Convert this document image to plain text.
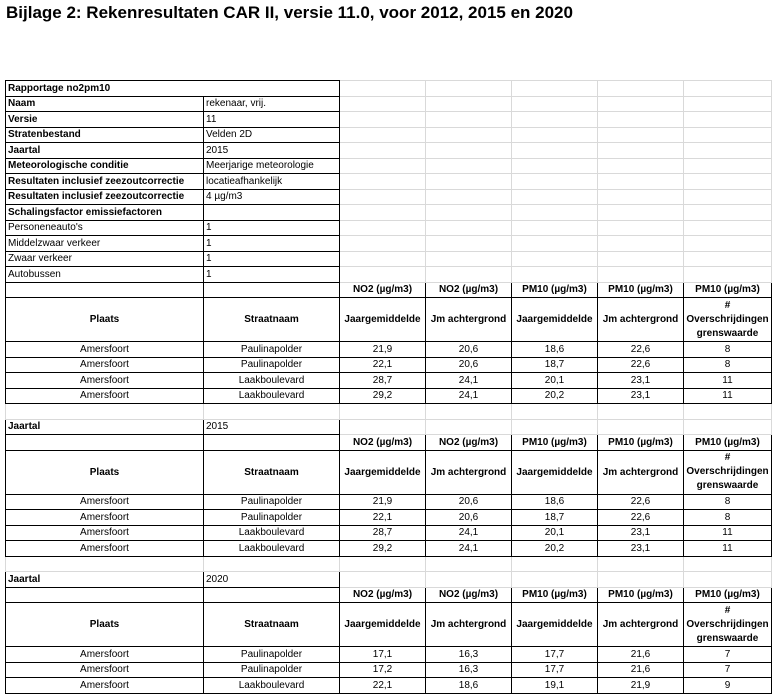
Bijlage 2: Rekenresultaten CAR II, versie 11.0, voor 2012, 2015 en 2020
Rapportage no2pm10						
Naam	rekenaar, vrij.					
Versie	11					
Stratenbestand	Velden 2D					
Jaartal	2015					
Meteorologische conditie	Meerjarige meteorologie					
Resultaten inclusief zeezoutcorrectie	locatieafhankelijk					
Resultaten inclusief zeezoutcorrectie	4 µg/m3					
Schalingsfactor emissiefactoren						
Personeneauto's	1					
Middelzwaar verkeer	1					
Zwaar verkeer	1					
Autobussen	1					
		NO2 (µg/m3)	NO2 (µg/m3)	PM10 (µg/m3)	PM10 (µg/m3)	PM10 (µg/m3)
Plaats	Straatnaam	Jaargemiddelde	Jm achtergrond	Jaargemiddelde	Jm achtergrond	#
Overschrijdingen
grenswaarde

Amersfoort	Paulinapolder	21,9	20,6	18,6	22,6	8
Amersfoort	Paulinapolder	22,1	20,6	18,7	22,6	8
Amersfoort	Laakboulevard	28,7	24,1	20,1	23,1	11
Amersfoort	Laakboulevard	29,2	24,1	20,2	23,1	11

Jaartal	2015					
		NO2 (µg/m3)	NO2 (µg/m3)	PM10 (µg/m3)	PM10 (µg/m3)	PM10 (µg/m3)
Plaats	Straatnaam	Jaargemiddelde	Jm achtergrond	Jaargemiddelde	Jm achtergrond	#
Overschrijdingen
grenswaarde

Amersfoort	Paulinapolder	21,9	20,6	18,6	22,6	8
Amersfoort	Paulinapolder	22,1	20,6	18,7	22,6	8
Amersfoort	Laakboulevard	28,7	24,1	20,1	23,1	11
Amersfoort	Laakboulevard	29,2	24,1	20,2	23,1	11

Jaartal	2020					
		NO2 (µg/m3)	NO2 (µg/m3)	PM10 (µg/m3)	PM10 (µg/m3)	PM10 (µg/m3)
Plaats	Straatnaam	Jaargemiddelde	Jm achtergrond	Jaargemiddelde	Jm achtergrond	#
Overschrijdingen
grenswaarde

Amersfoort	Paulinapolder	17,1	16,3	17,7	21,6	7
Amersfoort	Paulinapolder	17,2	16,3	17,7	21,6	7
Amersfoort	Laakboulevard	22,1	18,6	19,1	21,9	9
